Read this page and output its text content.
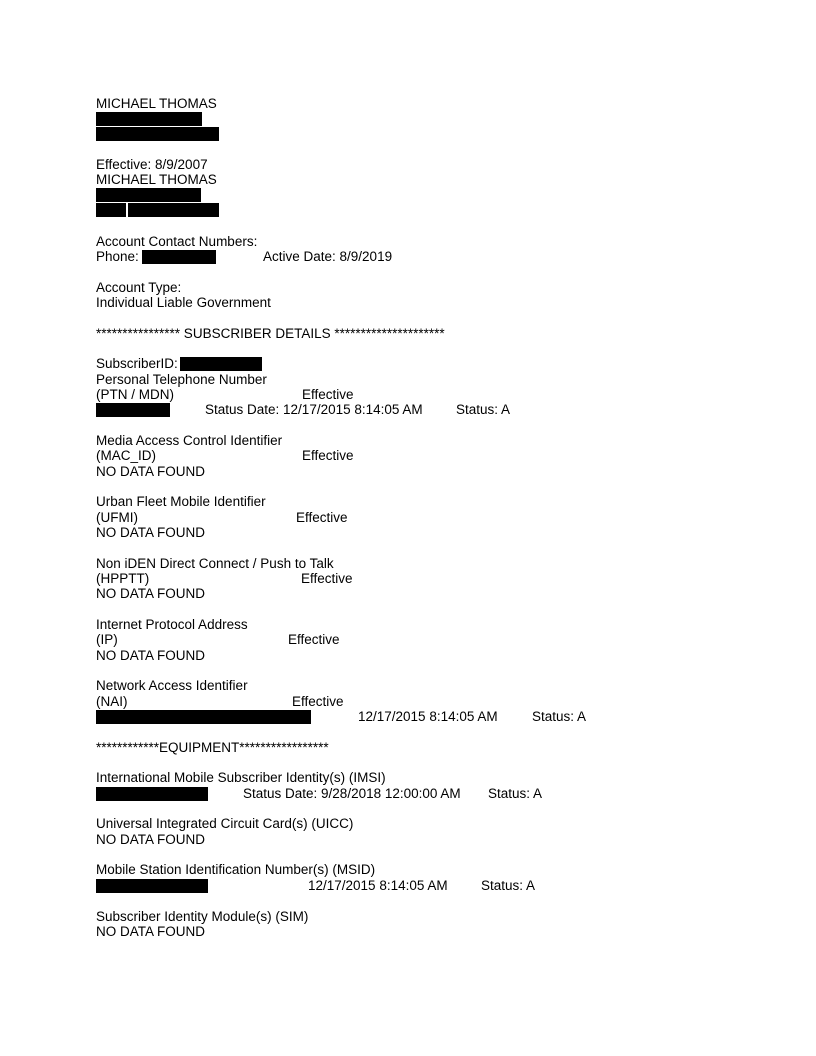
MICHAEL THOMAS
Effective: 8/9/2007
MICHAEL THOMAS
Account Contact Numbers:
Phone:	Active Date: 8/9/2019
Account Type:
Individual Liable Government
**************** SUBSCRIBER DETAILS *********************
SubscriberID:
Personal Telephone Number
(PTN / MDN)	Effective
Status Date: 12/17/2015 8:14:05 AM Status: A
Media Access Control Identifier
(MAC_ID)	Effective
NO DATA FOUND
Urban Fleet Mobile Identifier
(UFMI)	Effective
NO DATA FOUND
Non iDEN Direct Connect / Push to Talk
(HPPTT)	Effective
NO DATA FOUND
Internet Protocol Address
(IP)	Effective
NO DATA FOUND
Network Access Identifier
(NAI)	Effective
12/17/2015 8:14:05 AM	Status: A
************EQUIPMENT*****************
International Mobile Subscriber Identity(s) (IMSI)
Status Date: 9/28/2018 12:00:00 AM Status: A
Universal Integrated Circuit Card(s) (UICC)
NO DATA FOUND
Mobile Station Identification Number(s) (MSID)
12/17/2015 8:14:05 AM Status: A
Subscriber Identity Module(s) (SIM)
NO DATA FOUND
